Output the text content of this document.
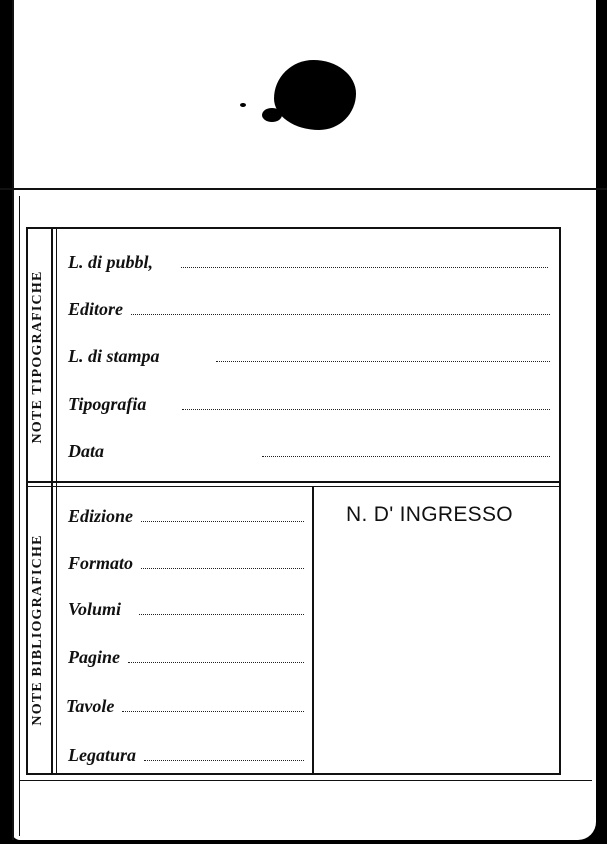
NOTE TIPOGRAFICHE
NOTE BIBLIOGRAFICHE
L. di pubbl,
Editore
L. di stampa
Tipografia
Data
Edizione
Formato
Volumi
Pagine
Tavole
Legatura
N. D' INGRESSO
